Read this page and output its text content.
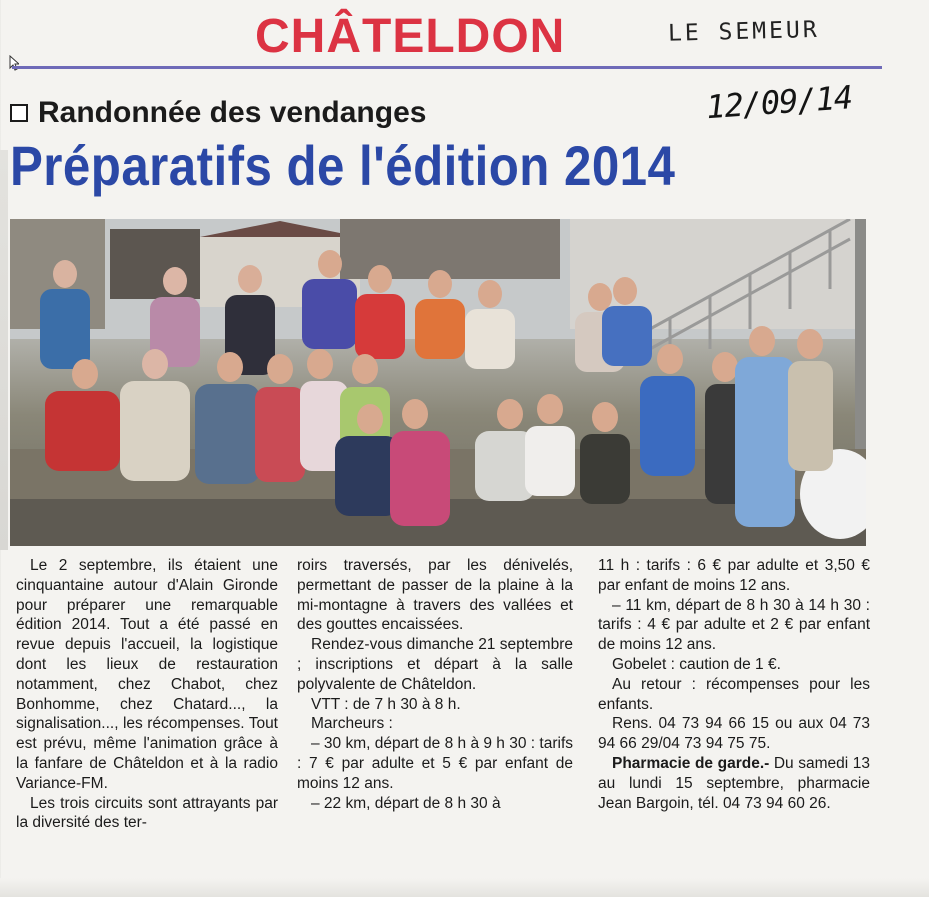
CHÂTELDON	LE SEMEUR
12/09/14
Randonnée des vendanges
Préparatifs de l'édition 2014

Le 2 septembre, ils étaient une cinquantaine autour d'Alain Gironde pour préparer une remarquable édition 2014. Tout a été passé en revue depuis l'accueil, la logistique dont les lieux de restauration notamment, chez Chabot, chez Bonhomme, chez Chatard..., la signalisation..., les récompenses. Tout est prévu, même l'animation grâce à la fanfare de Châteldon et à la radio Variance-FM.

Les trois circuits sont attrayants par la diversité des ter-

roirs traversés, par les dénivelés, permettant de passer de la plaine à la mi-montagne à travers des vallées et des gouttes encaissées.

Rendez-vous dimanche 21 septembre ; inscriptions et départ à la salle polyvalente de Châteldon.

VTT : de 7 h 30 à 8 h.

Marcheurs :

– 30 km, départ de 8 h à 9 h 30 : tarifs : 7 € par adulte et 5 € par enfant de moins 12 ans.

– 22 km, départ de 8 h 30 à

11 h : tarifs : 6 € par adulte et 3,50 € par enfant de moins 12 ans.

– 11 km, départ de 8 h 30 à 14 h 30 : tarifs : 4 € par adulte et 2 € par enfant de moins 12 ans.

Gobelet : caution de 1 €.

Au retour : récompenses pour les enfants.

Rens. 04 73 94 66 15 ou aux 04 73 94 66 29/04 73 94 75 75.

Pharmacie de garde.- Du samedi 13 au lundi 15 septembre, pharmacie Jean Bargoin, tél. 04 73 94 60 26.
